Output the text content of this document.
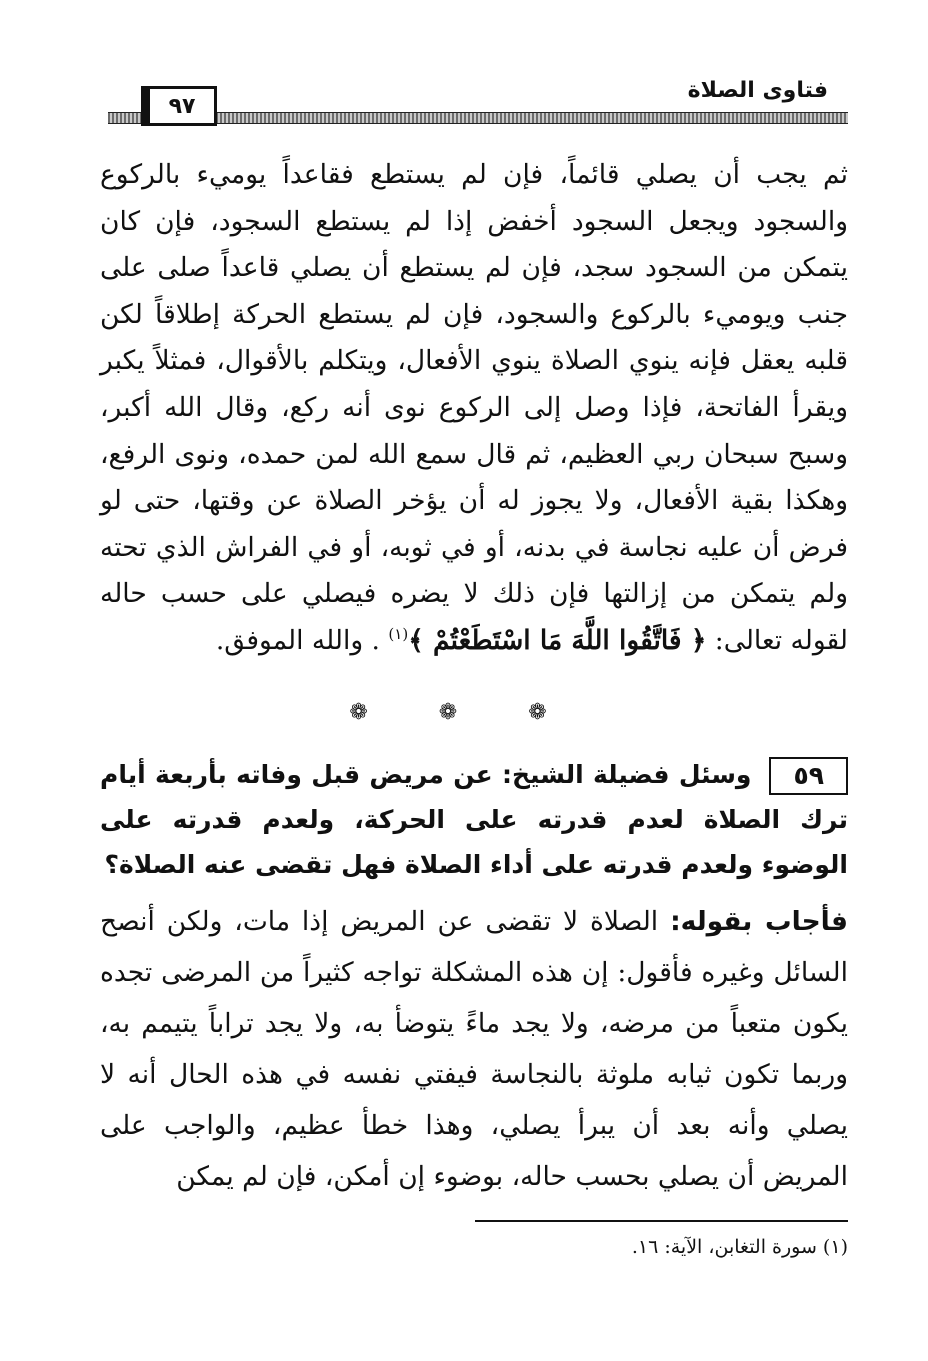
فتاوى الصلاة
٩٧

ثم يجب أن يصلي قائماً، فإن لم يستطع فقاعداً يوميء بالركوع والسجود ويجعل السجود أخفض إذا لم يستطع السجود، فإن كان يتمكن من السجود سجد، فإن لم يستطع أن يصلي قاعداً صلى على جنب ويوميء بالركوع والسجود، فإن لم يستطع الحركة إطلاقاً لكن قلبه يعقل فإنه ينوي الصلاة ينوي الأفعال، ويتكلم بالأقوال، فمثلاً يكبر ويقرأ الفاتحة، فإذا وصل إلى الركوع نوى أنه ركع، وقال الله أكبر، وسبح سبحان ربي العظيم، ثم قال سمع الله لمن حمده، ونوى الرفع، وهكذا بقية الأفعال، ولا يجوز له أن يؤخر الصلاة عن وقتها، حتى لو فرض أن عليه نجاسة في بدنه، أو في ثوبه، أو في الفراش الذي تحته ولم يتمكن من إزالتها فإن ذلك لا يضره فيصلي على حسب حاله لقوله تعالى: ﴿ فَاتَّقُوا اللَّهَ مَا اسْتَطَعْتُمْ ﴾$^{(١)}$ . والله الموفق.

❁ ❁ ❁
٥٩وسئل فضيلة الشيخ: عن مريض قبل وفاته بأربعة أيام ترك الصلاة لعدم قدرته على الحركة، ولعدم قدرته على الوضوء ولعدم قدرته على أداء الصلاة فهل تقضى عنه الصلاة؟

فأجاب بقوله: الصلاة لا تقضى عن المريض إذا مات، ولكن أنصح السائل وغيره فأقول: إن هذه المشكلة تواجه كثيراً من المرضى تجده يكون متعباً من مرضه، ولا يجد ماءً يتوضأ به، ولا يجد تراباً يتيمم به، وربما تكون ثيابه ملوثة بالنجاسة فيفتي نفسه في هذه الحال أنه لا يصلي وأنه بعد أن يبرأ يصلي، وهذا خطأ عظيم، والواجب على المريض أن يصلي بحسب حاله، بوضوء إن أمكن، فإن لم يمكن

(١) سورة التغابن، الآية: ١٦.
